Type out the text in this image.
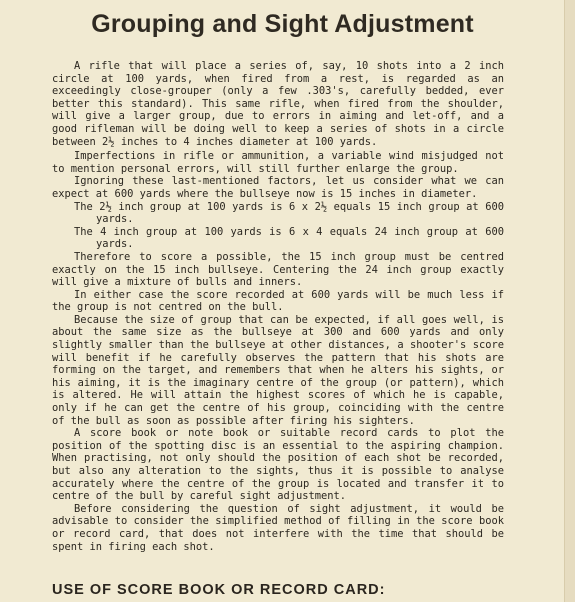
Grouping and Sight Adjustment

A rifle that will place a series of, say, 10 shots into a 2 inch circle at 100 yards, when fired from a rest, is regarded as an exceedingly close-grouper (only a few .303's, carefully bedded, ever better this standard). This same rifle, when fired from the shoulder, will give a larger group, due to errors in aiming and let-off, and a good rifleman will be doing well to keep a series of shots in a circle between 2½ inches to 4 inches diameter at 100 yards.

Imperfections in rifle or ammunition, a variable wind misjudged not to mention personal errors, will still further enlarge the group.

Ignoring these last-mentioned factors, let us consider what we can expect at 600 yards where the bullseye now is 15 inches in diameter.

The 2½ inch group at 100 yards is 6 x 2½ equals 15 inch group at 600 yards.

The 4 inch group at 100 yards is 6 x 4 equals 24 inch group at 600 yards.

Therefore to score a possible, the 15 inch group must be centred exactly on the 15 inch bullseye. Centering the 24 inch group exactly will give a mixture of bulls and inners.

In either case the score recorded at 600 yards will be much less if the group is not centred on the bull.

Because the size of group that can be expected, if all goes well, is about the same size as the bullseye at 300 and 600 yards and only slightly smaller than the bullseye at other distances, a shooter's score will benefit if he carefully observes the pattern that his shots are forming on the target, and remembers that when he alters his sights, or his aiming, it is the imaginary centre of the group (or pattern), which is altered. He will attain the highest scores of which he is capable, only if he can get the centre of his group, coinciding with the centre of the bull as soon as possible after firing his sighters.

A score book or note book or suitable record cards to plot the position of the spotting disc is an essential to the aspiring champion. When practising, not only should the position of each shot be recorded, but also any alteration to the sights, thus it is possible to analyse accurately where the centre of the group is located and transfer it to centre of the bull by careful sight adjustment.

Before considering the question of sight adjustment, it would be advisable to consider the simplified method of filling in the score book or record card, that does not interfere with the time that should be spent in firing each shot.

USE OF SCORE BOOK OR RECORD CARD:
